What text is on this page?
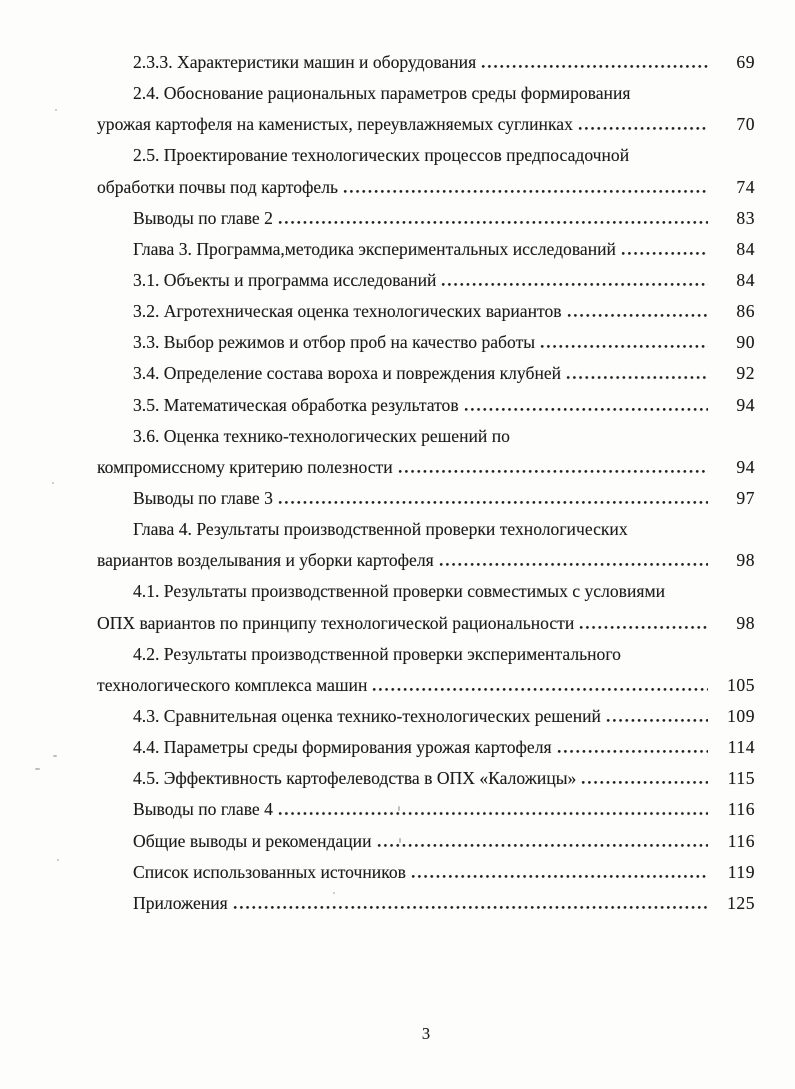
2.3.3. Характеристики машин и оборудования	69
2.4. Обоснование рациональных параметров среды формирования
урожая картофеля на каменистых, переувлажняемых суглинках	70
2.5. Проектирование технологических процессов предпосадочной
обработки почвы под картофель	74
Выводы по главе 2	83
Глава 3. Программа,методика экспериментальных исследований	84
3.1. Объекты и программа исследований	84
3.2. Агротехническая оценка технологических вариантов	86
3.3. Выбор режимов и отбор проб на качество работы	90
3.4. Определение состава вороха и повреждения клубней	92
3.5. Математическая обработка результатов	94
3.6. Оценка технико-технологических решений по
компромиссному критерию полезности	94
Выводы по главе 3	97
Глава 4. Результаты производственной проверки технологических
вариантов возделывания и уборки картофеля	98
4.1. Результаты производственной проверки совместимых с условиями
ОПХ вариантов по принципу технологической рациональности	98
4.2. Результаты производственной проверки экспериментального
технологического комплекса машин	105
4.3. Сравнительная оценка технико-технологических решений	109
4.4. Параметры среды формирования урожая картофеля	114
4.5. Эффективность картофелеводства в ОПХ «Каложицы»	115
Выводы по главе 4	116
Общие выводы и рекомендации	116
Список использованных источников	119
Приложения	125
3
